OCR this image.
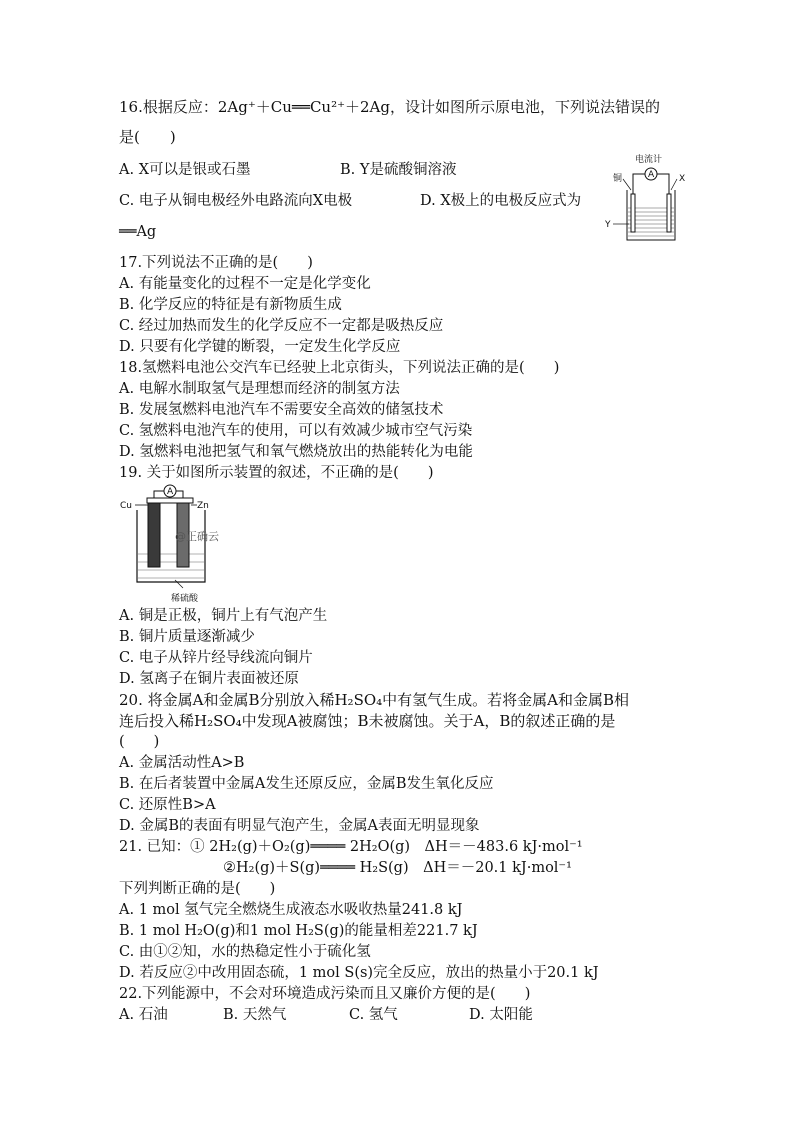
16.根据反应：2Ag⁺＋Cu══Cu²⁺＋2Ag，设计如图所示原电池，下列说法错误的
是(　　)
A. X可以是银或石墨	B. Y是硫酸铜溶液
C. 电子从铜电极经外电路流向X电极	D. X极上的电极反应式为
══Ag
电流计
A
铜	X
Y
17.下列说法不正确的是(　　)
A. 有能量变化的过程不一定是化学变化
B. 化学反应的特征是有新物质生成
C. 经过加热而发生的化学反应不一定都是吸热反应
D. 只要有化学键的断裂，一定发生化学反应
18.氢燃料电池公交汽车已经驶上北京街头，下列说法正确的是(　　)
A. 电解水制取氢气是理想而经济的制氢方法
B. 发展氢燃料电池汽车不需要安全高效的储氢技术
C. 氢燃料电池汽车的使用，可以有效减少城市空气污染
D. 氢燃料电池把氢气和氧气燃烧放出的热能转化为电能
19. 关于如图所示装置的叙述，不正确的是(　　)
A
Cu	Zn
@正确云
稀硫酸
A. 铜是正极，铜片上有气泡产生
B. 铜片质量逐渐减少
C. 电子从锌片经导线流向铜片
D. 氢离子在铜片表面被还原
20. 将金属A和金属B分别放入稀H₂SO₄中有氢气生成。若将金属A和金属B相
连后投入稀H₂SO₄中发现A被腐蚀；B未被腐蚀。关于A，B的叙述正确的是
(　　)
A. 金属活动性A>B
B. 在后者装置中金属A发生还原反应，金属B发生氧化反应
C. 还原性B>A
D. 金属B的表面有明显气泡产生，金属A表面无明显现象
21. 已知：① 2H₂(g)＋O₂(g)════ 2H₂O(g)　ΔH＝－483.6 kJ·mol⁻¹
②H₂(g)＋S(g)════ H₂S(g)　ΔH＝－20.1 kJ·mol⁻¹
下列判断正确的是(　　)
A. 1 mol 氢气完全燃烧生成液态水吸收热量241.8 kJ
B. 1 mol H₂O(g)和1 mol H₂S(g)的能量相差221.7 kJ
C. 由①②知，水的热稳定性小于硫化氢
D. 若反应②中改用固态硫，1 mol S(s)完全反应，放出的热量小于20.1 kJ
22.下列能源中，不会对环境造成污染而且又廉价方便的是(　　)
A. 石油	B. 天然气	C. 氢气	D. 太阳能
